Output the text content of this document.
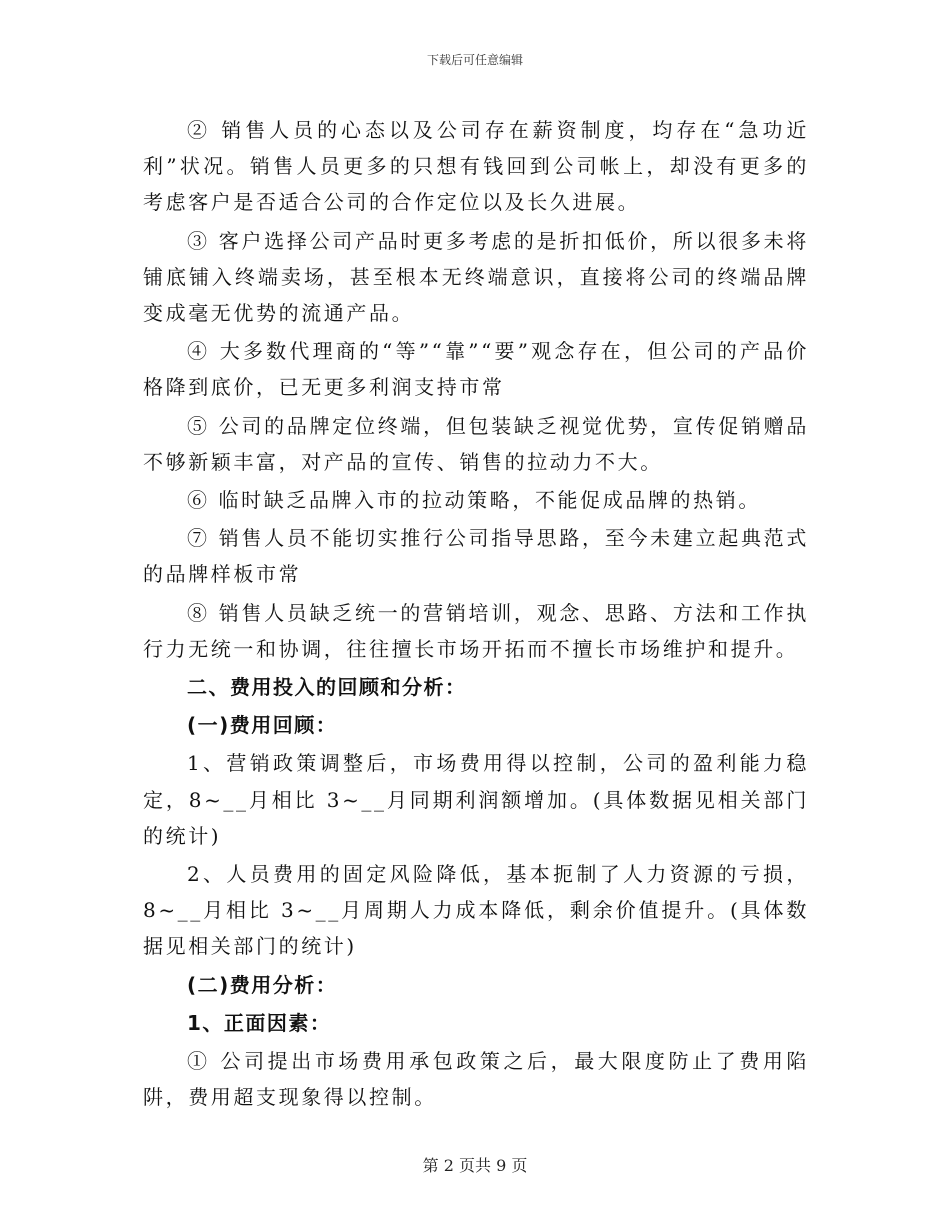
下载后可任意编辑

② 销售人员的心态以及公司存在薪资制度，均存在“急功近利”状况。销售人员更多的只想有钱回到公司帐上，却没有更多的考虑客户是否适合公司的合作定位以及长久进展。

③ 客户选择公司产品时更多考虑的是折扣低价，所以很多未将铺底铺入终端卖场，甚至根本无终端意识，直接将公司的终端品牌变成毫无优势的流通产品。

④ 大多数代理商的“等”“靠”“要”观念存在，但公司的产品价格降到底价，已无更多利润支持市常

⑤ 公司的品牌定位终端，但包装缺乏视觉优势，宣传促销赠品不够新颖丰富，对产品的宣传、销售的拉动力不大。

⑥ 临时缺乏品牌入市的拉动策略，不能促成品牌的热销。

⑦ 销售人员不能切实推行公司指导思路，至今未建立起典范式的品牌样板市常

⑧ 销售人员缺乏统一的营销培训，观念、思路、方法和工作执行力无统一和协调，往往擅长市场开拓而不擅长市场维护和提升。

二、费用投入的回顾和分析：

(一)费用回顾：

1、营销政策调整后，市场费用得以控制，公司的盈利能力稳定，8~__月相比 3~__月同期利润额增加。(具体数据见相关部门的统计)

2、人员费用的固定风险降低，基本扼制了人力资源的亏损，8~__月相比 3~__月周期人力成本降低，剩余价值提升。(具体数据见相关部门的统计)

(二)费用分析：

1、正面因素：

① 公司提出市场费用承包政策之后，最大限度防止了费用陷阱，费用超支现象得以控制。

第 2 页共 9 页
